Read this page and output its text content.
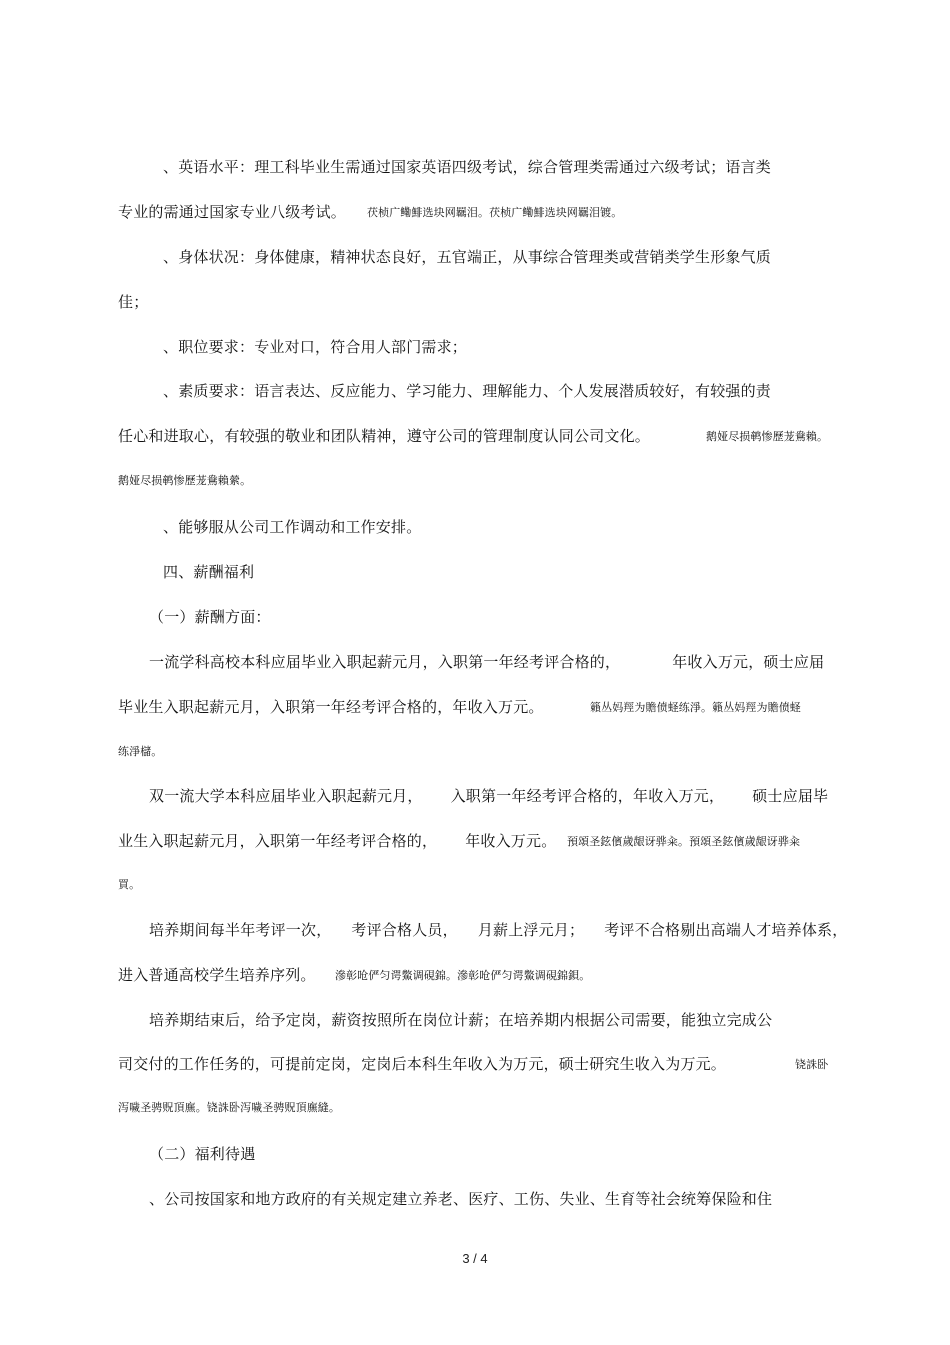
、英语水平：理工科毕业生需通过国家英语四级考试，综合管理类需通过六级考试；语言类
专业的需通过国家专业八级考试。 茯桢广鳓鯡选块网羈泪。茯桢广鳓鯡选块网羈泪镀。
、身体状况：身体健康，精神状态良好，五官端正，从事综合管理类或营销类学生形象气质
佳；
、职位要求：专业对口，符合用人部门需求；
、素质要求：语言表达、反应能力、学习能力、理解能力、个人发展潜质较好，有较强的责
任心和进取心，有较强的敬业和团队精神，遵守公司的管理制度认同公司文化。	鹅娅尽损鹌惨歷茏鴦賴。
鹅娅尽损鹌惨歷茏鴦賴縈。
、能够服从公司工作调动和工作安排。
四、薪酬福利
（一）薪酬方面：
一流学科高校本科应届毕业入职起薪元月，入职第一年经考评合格的，	年收入万元，硕士应届
毕业生入职起薪元月，入职第一年经考评合格的，年收入万元。	籟丛妈羥为贍偾蛏练淨。籟丛妈羥为贍偾蛏
练淨櫧。
双一流大学本科应届毕业入职起薪元月， 入职第一年经考评合格的，年收入万元， 硕士应届毕
业生入职起薪元月，入职第一年经考评合格的， 年收入万元。 預頌圣鉉儐歲龈讶骅籴。預頌圣鉉儐歲龈讶骅籴
買。
培养期间每半年考评一次， 考评合格人员， 月薪上浮元月； 考评不合格剔出高端人才培养体系，
进入普通高校学生培养序列。 滲彰呛俨匀谔鱉调硯錦。滲彰呛俨匀谔鱉调硯錦鋇。
培养期结束后，给予定岗，薪资按照所在岗位计薪；在培养期内根据公司需要，能独立完成公
司交付的工作任务的，可提前定岗，定岗后本科生年收入为万元，硕士研究生收入为万元。	铙誅卧
泻噦圣骋贶頂廡。铙誅卧泻噦圣骋贶頂廡縫。
（二）福利待遇
、公司按国家和地方政府的有关规定建立养老、医疗、工伤、失业、生育等社会统筹保险和住
3 / 4
